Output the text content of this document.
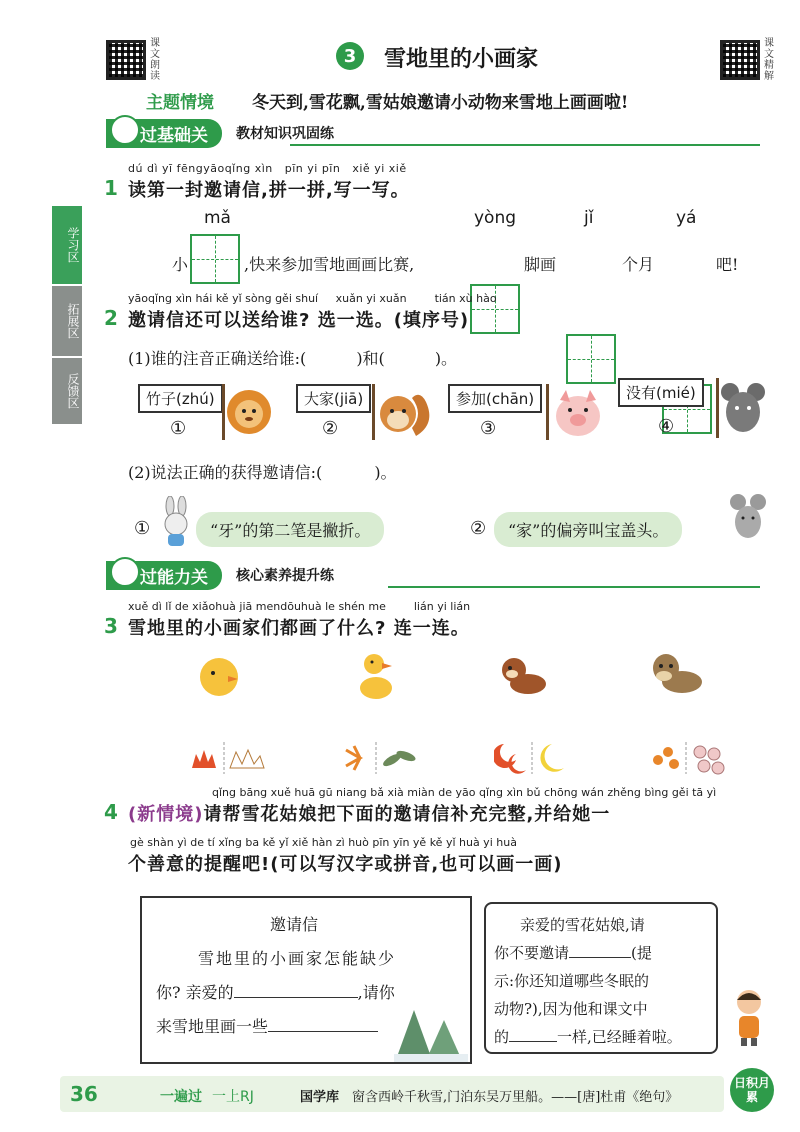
课文朗读
课文精解
3	雪地里的小画家
主题情境 冬天到,雪花飘,雪姑娘邀请小动物来雪地上画画啦!
学习区
拓展区
反馈区
过基础关	教材知识巩固练
dú dì yī fēngyāoqǐng xìn pīn yi pīn xiě yi xiě
1 读第一封邀请信,拼一拼,写一写。
mǎ	yòng	jǐ	yá
小	,快来参加雪地画画比赛,	脚画	个月	吧!
yāoqǐng xìn hái kě yǐ sòng gěi shuí xuǎn yi xuǎn	tián xù hào
2 邀请信还可以送给谁? 选一选。(填序号)
(1)谁的注音正确送给谁:(	)和(	)。
竹子(zhú)
①
大家(jiā)
②
参加(chān)
③
没有(mié)
④
(2)说法正确的获得邀请信:(	)。
①	“牙”的第二笔是撇折。	②	“家”的偏旁叫宝盖头。
过能力关	核心素养提升练
xuě dì lǐ de xiǎohuà jiā mendōuhuà le shén me	lián yi lián
3 雪地里的小画家们都画了什么? 连一连。
qǐng bāng xuě huā gū niang bǎ xià miàn de yāo qǐng xìn bǔ chōng wán zhěng bìng gěi tā yì
4 (新情境)请帮雪花姑娘把下面的邀请信补充完整,并给她一
gè shàn yì de tí xǐng ba kě yǐ xiě hàn zì huò pīn yīn yě kě yǐ huà yi huà
个善意的提醒吧!(可以写汉字或拼音,也可以画一画)
邀请信
雪地里的小画家怎能缺少
你? 亲爱的	,请你
来雪地里画一些
亲爱的雪花姑娘,请
你不要邀请	(提
示:你还知道哪些冬眠的
动物?),因为他和课文中
的	一样,已经睡着啦。
36	一遍过 一上RJ	国学库 窗含西岭千秋雪,门泊东吴万里船。——[唐]杜甫《绝句》
日积月累
